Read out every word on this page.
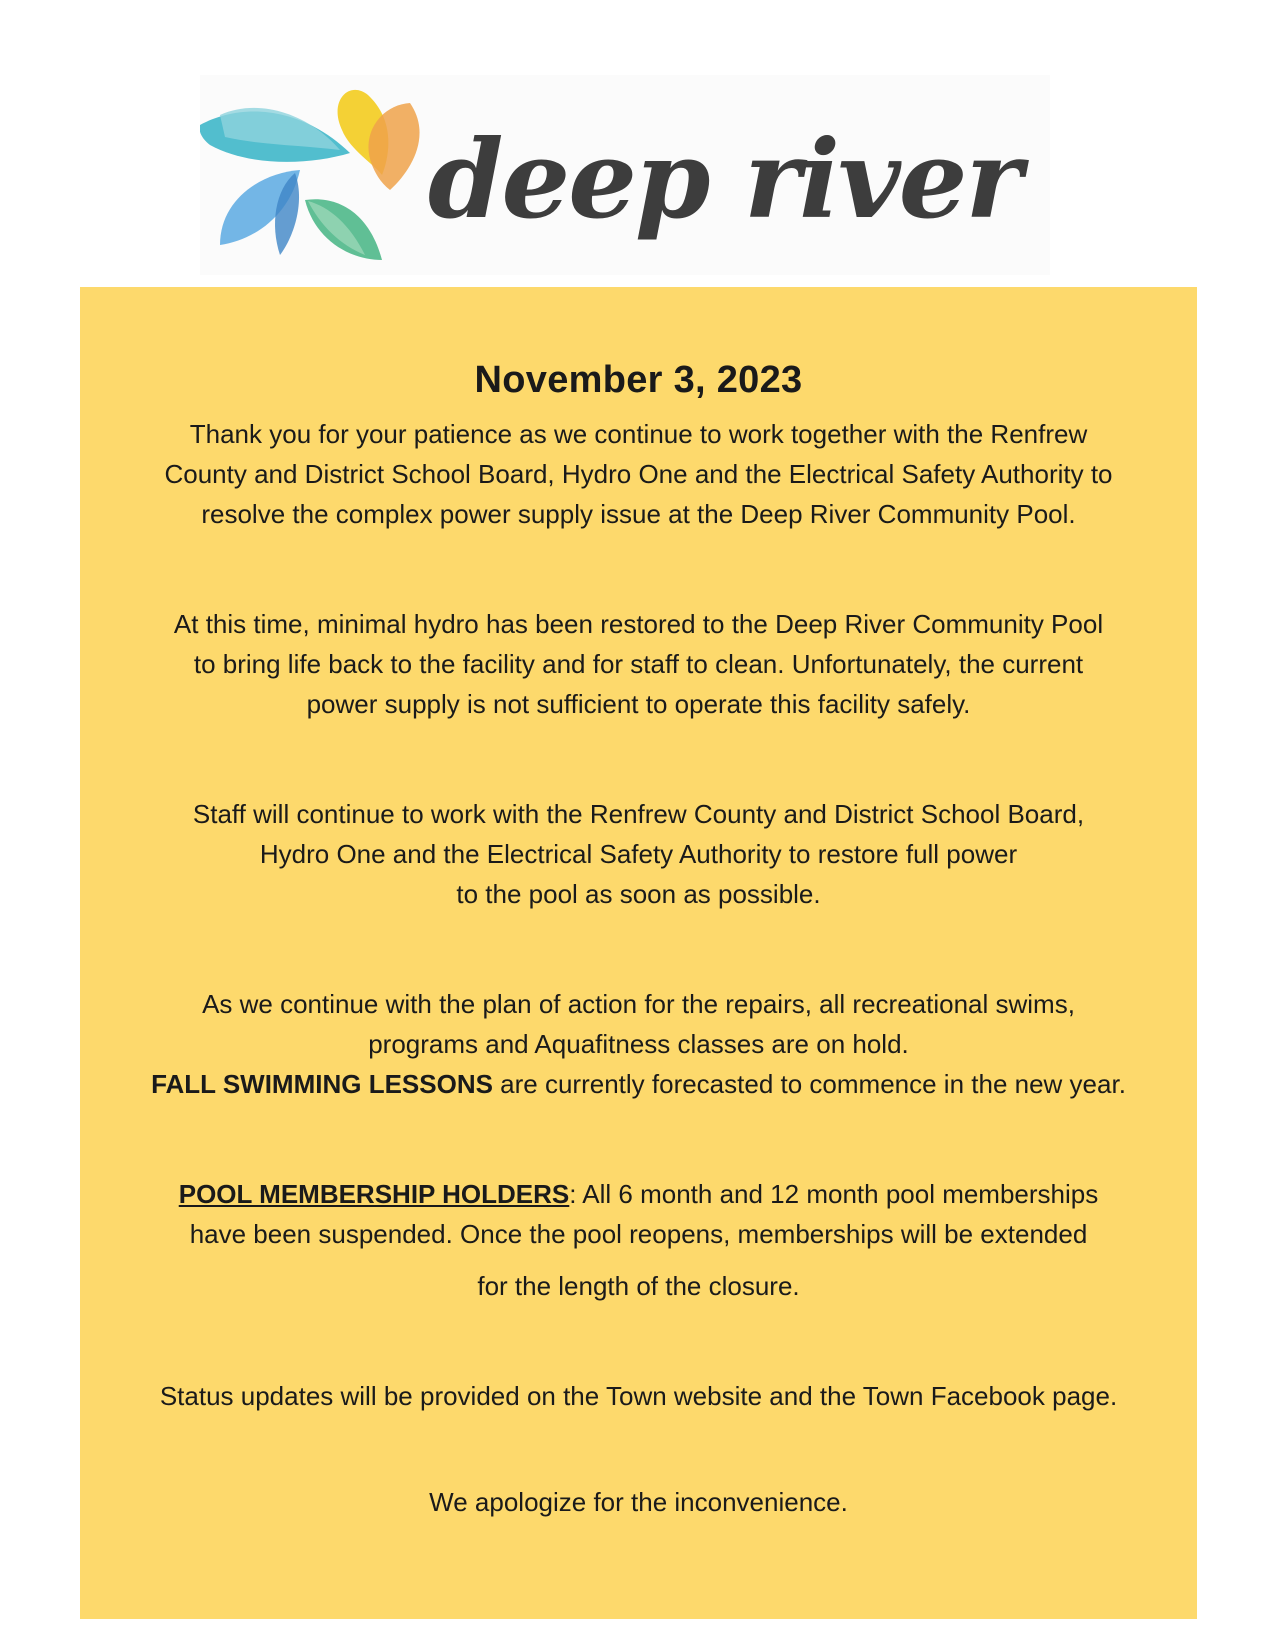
deep river
November 3, 2023
Thank you for your patience as we continue to work together with the Renfrew
County and District School Board, Hydro One and the Electrical Safety Authority to
resolve the complex power supply issue at the Deep River Community Pool.
At this time, minimal hydro has been restored to the Deep River Community Pool
to bring life back to the facility and for staff to clean. Unfortunately, the current
power supply is not sufficient to operate this facility safely.
Staff will continue to work with the Renfrew County and District School Board,
Hydro One and the Electrical Safety Authority to restore full power
to the pool as soon as possible.
As we continue with the plan of action for the repairs, all recreational swims,
programs and Aquafitness classes are on hold.
FALL SWIMMING LESSONS are currently forecasted to commence in the new year.
POOL MEMBERSHIP HOLDERS: All 6 month and 12 month pool memberships
have been suspended. Once the pool reopens, memberships will be extended
for the length of the closure.
Status updates will be provided on the Town website and the Town Facebook page.
We apologize for the inconvenience.
